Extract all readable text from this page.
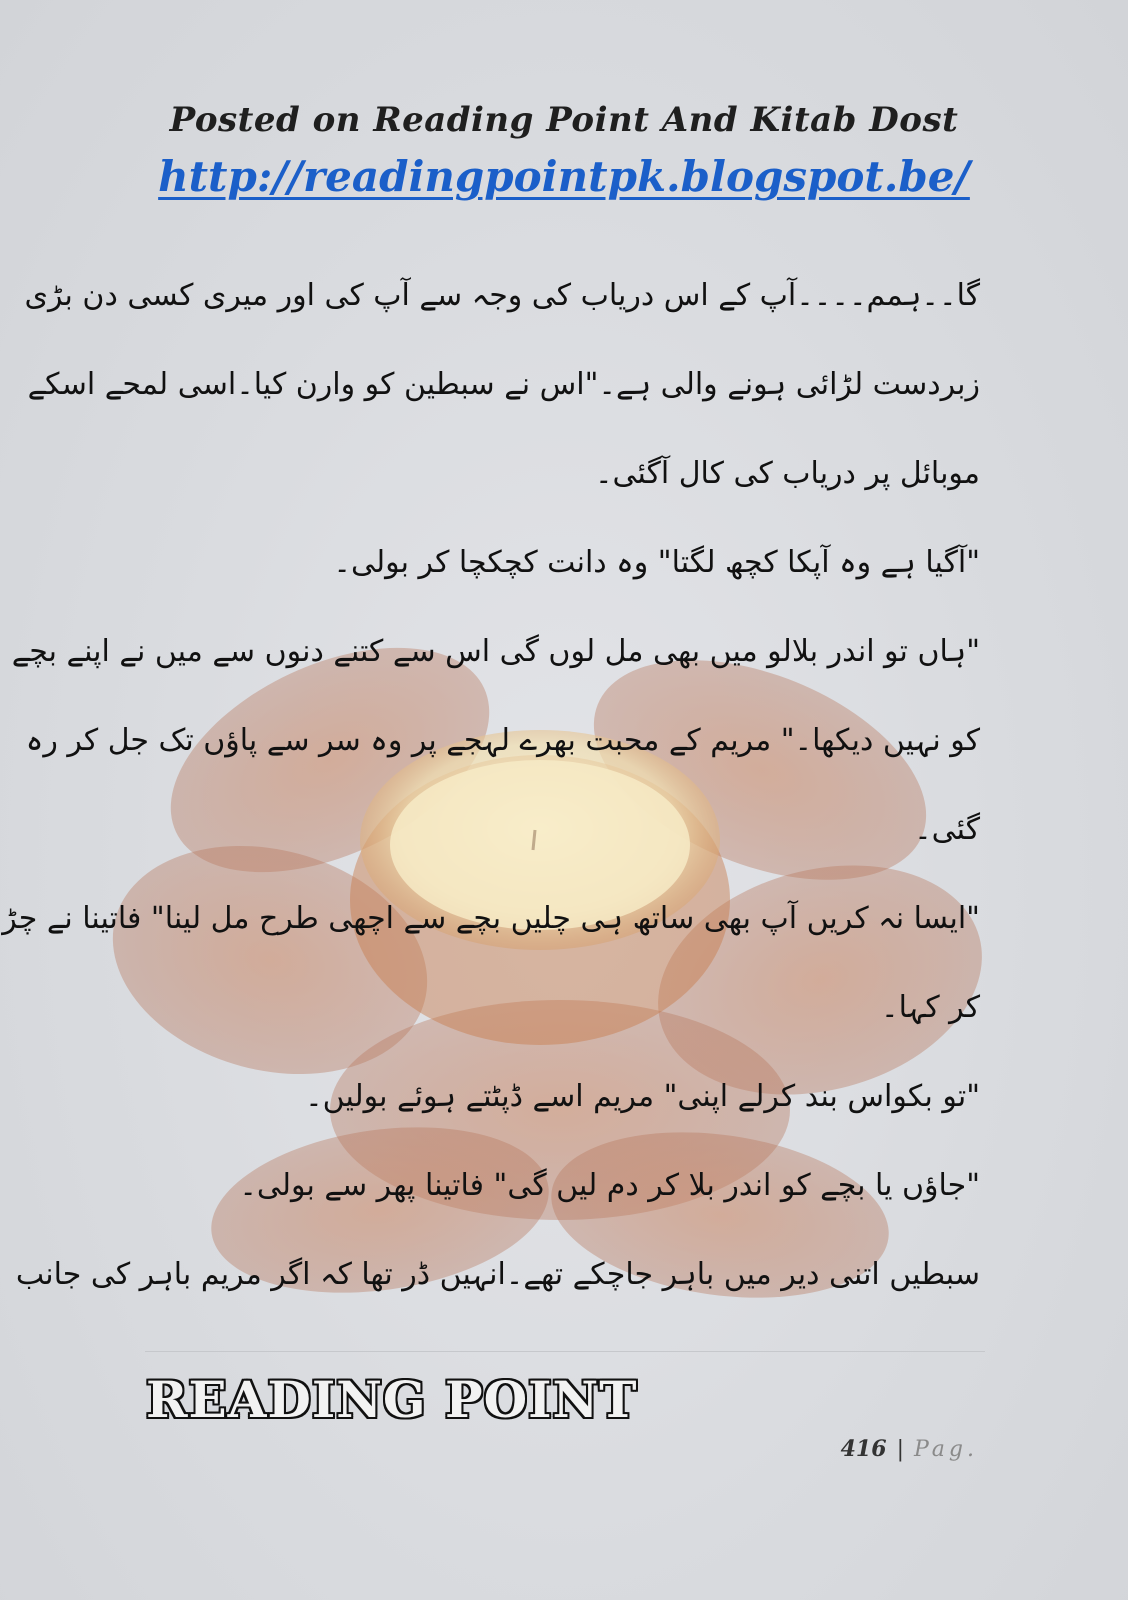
Posted on Reading Point And Kitab Dost
http://readingpointpk.blogspot.be/
گا۔۔ہمم۔۔۔۔آپ کے اس دریاب کی وجہ سے آپ کی اور میری کسی دن بڑی
زبردست لڑائی ہونے والی ہے۔"اس نے سبطین کو وارن کیا۔اسی لمحے اسکے
موبائل پر دریاب کی کال آگئی۔
"آگیا ہے وہ آپکا کچھ لگتا" وہ دانت کچکچا کر بولی۔
"ہاں تو اندر بلالو میں بھی مل لوں گی اس سے کتنے دنوں سے میں نے اپنے بچے
کو نہیں دیکھا۔" مریم کے محبت بھرے لہجے پر وہ سر سے پاؤں تک جل کر رہ
گئی۔
"ایسا نہ کریں آپ بھی ساتھ ہی چلیں بچے سے اچھی طرح مل لینا" فاتینا نے چڑ
کر کہا۔
"تو بکواس بند کرلے اپنی" مریم اسے ڈپٹتے ہوئے بولیں۔
"جاؤں یا بچے کو اندر بلا کر دم لیں گی" فاتینا پھر سے بولی۔
سبطیں اتنی دیر میں باہر جاچکے تھے۔انہیں ڈر تھا کہ اگر مریم باہر کی جانب
READING POINT
416 | Pag.
